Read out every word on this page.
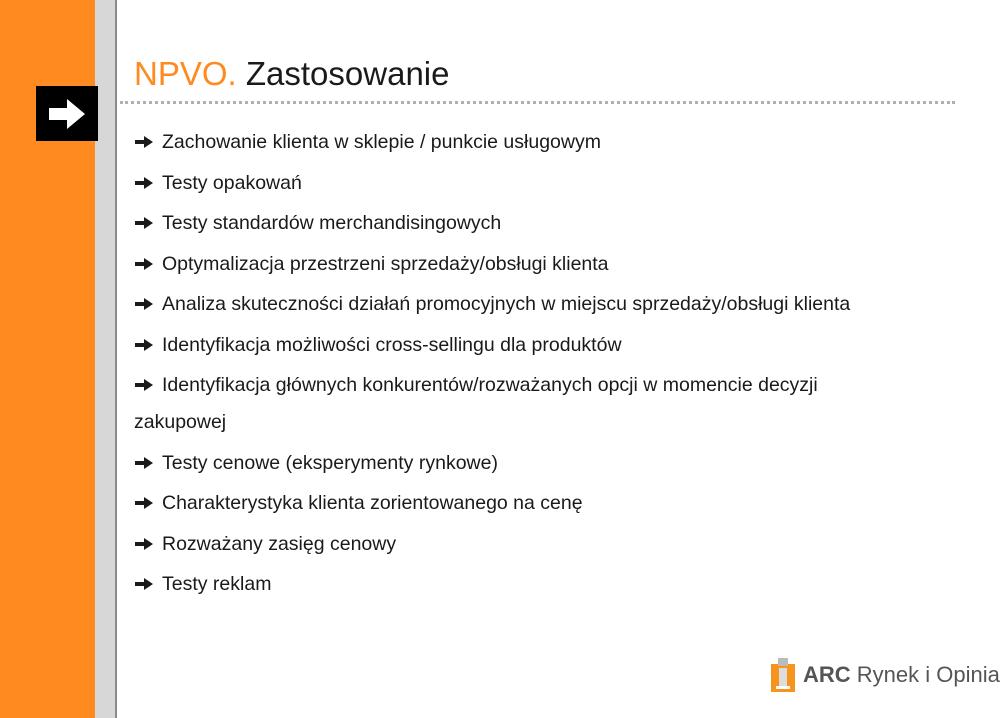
NPVO. Zastosowanie
Zachowanie klienta w sklepie / punkcie usługowym
Testy opakowań
Testy standardów merchandisingowych
Optymalizacja przestrzeni sprzedaży/obsługi klienta
Analiza skuteczności działań promocyjnych w miejscu sprzedaży/obsługi klienta
Identyfikacja możliwości cross-sellingu dla produktów
Identyfikacja głównych konkurentów/rozważanych opcji w momencie decyzji
zakupowej
Testy cenowe (eksperymenty rynkowe)
Charakterystyka klienta zorientowanego na cenę
Rozważany zasięg cenowy
Testy reklam
ARC Rynek i Opinia
